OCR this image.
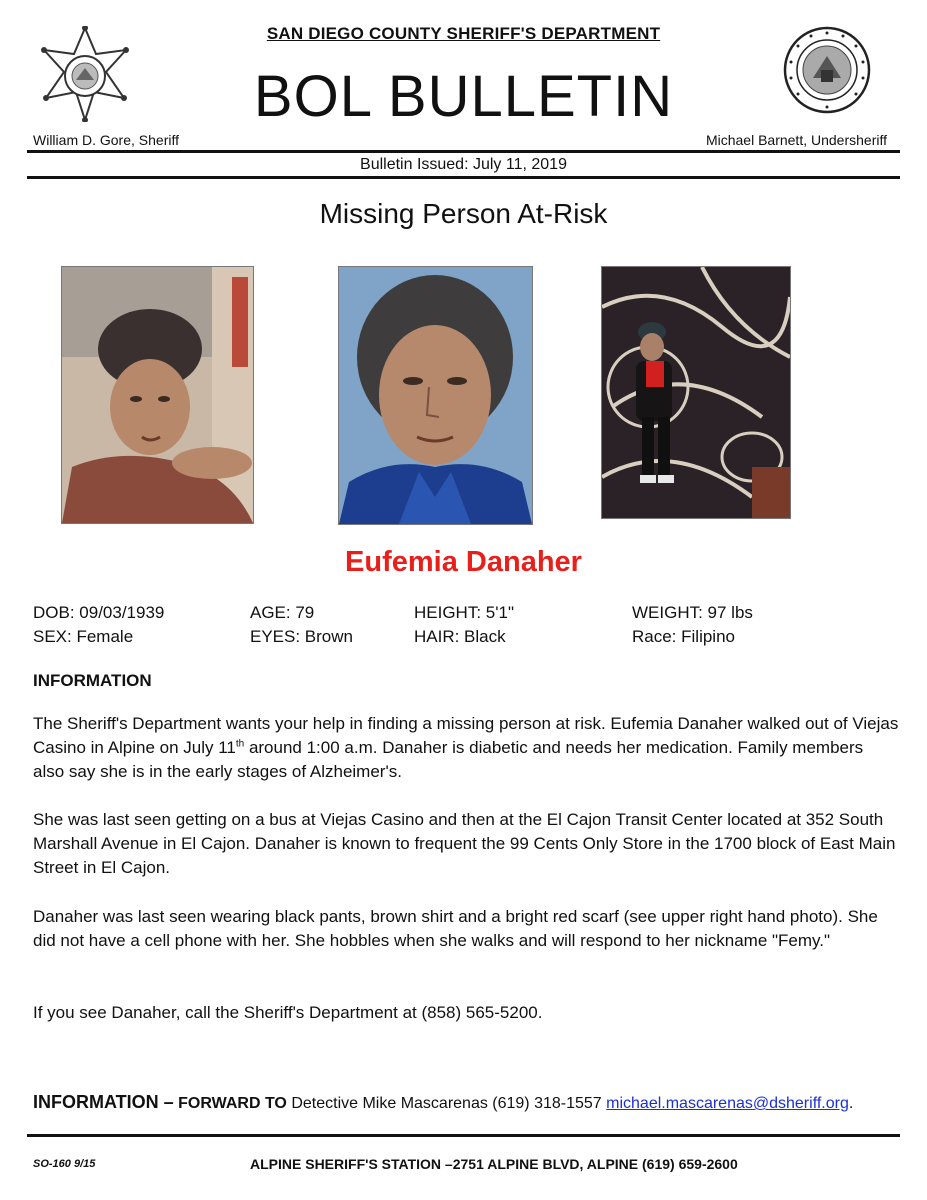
SAN DIEGO COUNTY SHERIFF'S DEPARTMENT
BOL BULLETIN
William D. Gore, Sheriff	Michael Barnett, Undersheriff
Bulletin Issued: July 11, 2019
Missing Person At-Risk
Eufemia Danaher
DOB: 09/03/1939	AGE: 79	HEIGHT: 5'1"	WEIGHT: 97 lbs
SEX: Female	EYES: Brown	HAIR: Black	Race: Filipino
INFORMATION
The Sheriff's Department wants your help in finding a missing person at risk. Eufemia Danaher walked out of Viejas Casino in Alpine on July 11th around 1:00 a.m. Danaher is diabetic and needs her medication. Family members also say she is in the early stages of Alzheimer's.
She was last seen getting on a bus at Viejas Casino and then at the El Cajon Transit Center located at 352 South Marshall Avenue in El Cajon. Danaher is known to frequent the 99 Cents Only Store in the 1700 block of East Main Street in El Cajon.
Danaher was last seen wearing black pants, brown shirt and a bright red scarf (see upper right hand photo). She did not have a cell phone with her. She hobbles when she walks and will respond to her nickname "Femy."
If you see Danaher, call the Sheriff's Department at (858) 565-5200.
INFORMATION – FORWARD TO Detective Mike Mascarenas (619) 318-1557 michael.mascarenas@dsheriff.org.
SO-160 9/15	ALPINE SHERIFF'S STATION –2751 ALPINE BLVD, ALPINE (619) 659-2600
